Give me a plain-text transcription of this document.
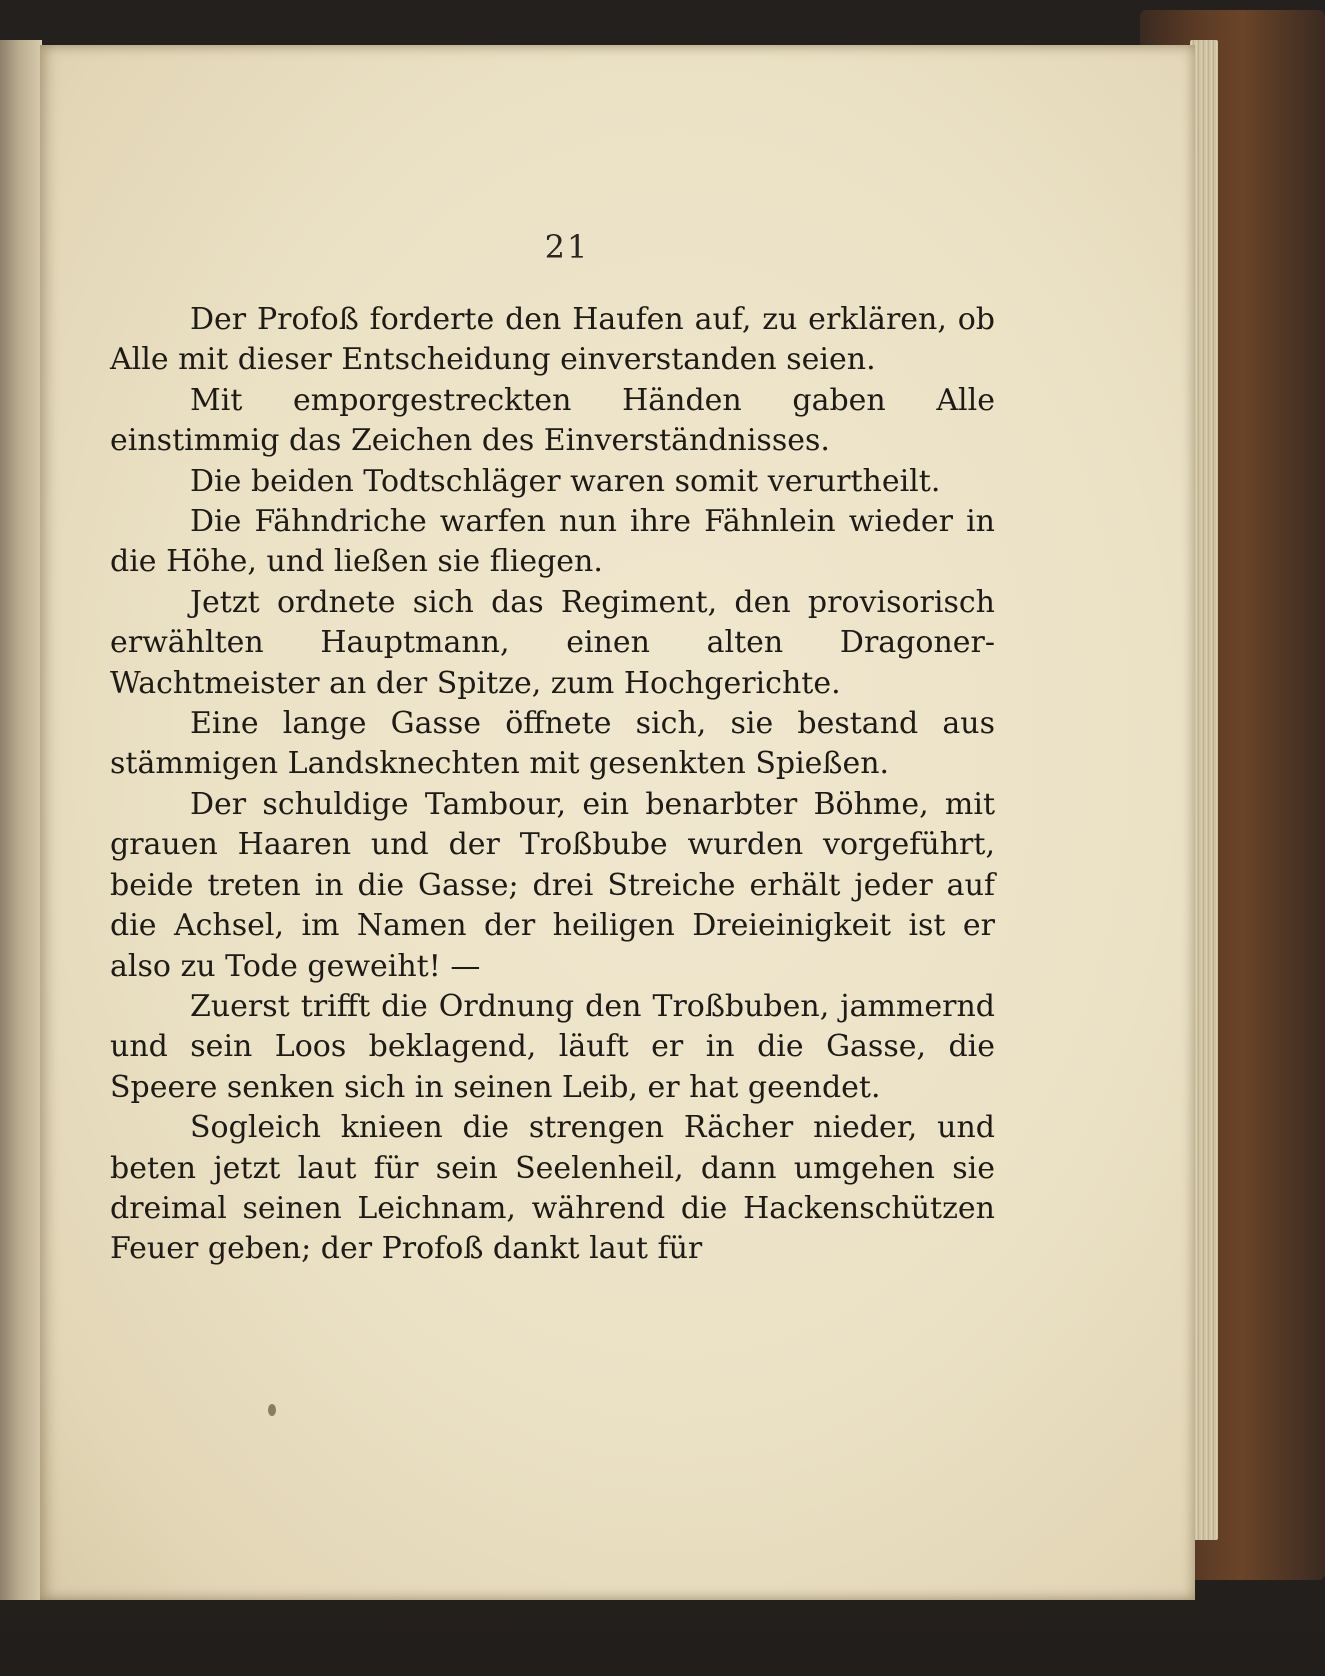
21

Der Profoß forderte den Haufen auf, zu erklären, ob Alle mit dieser Entscheidung einverstanden seien.

Mit emporgestreckten Händen gaben Alle einstimmig das Zeichen des Einverständnisses.

Die beiden Todtschläger waren somit verurtheilt.

Die Fähndriche warfen nun ihre Fähnlein wieder in die Höhe, und ließen sie fliegen.

Jetzt ordnete sich das Regiment, den provisorisch erwählten Hauptmann, einen alten Dragoner-Wachtmeister an der Spitze, zum Hochgerichte.

Eine lange Gasse öffnete sich, sie bestand aus stämmigen Landsknechten mit gesenkten Spießen.

Der schuldige Tambour, ein benarbter Böhme, mit grauen Haaren und der Troßbube wurden vorgeführt, beide treten in die Gasse; drei Streiche erhält jeder auf die Achsel, im Namen der heiligen Dreieinigkeit ist er also zu Tode geweiht! —

Zuerst trifft die Ordnung den Troßbuben, jammernd und sein Loos beklagend, läuft er in die Gasse, die Speere senken sich in seinen Leib, er hat geendet.

Sogleich knieen die strengen Rächer nieder, und beten jetzt laut für sein Seelenheil, dann umgehen sie dreimal seinen Leichnam, während die Hackenschützen Feuer geben; der Profoß dankt laut für
